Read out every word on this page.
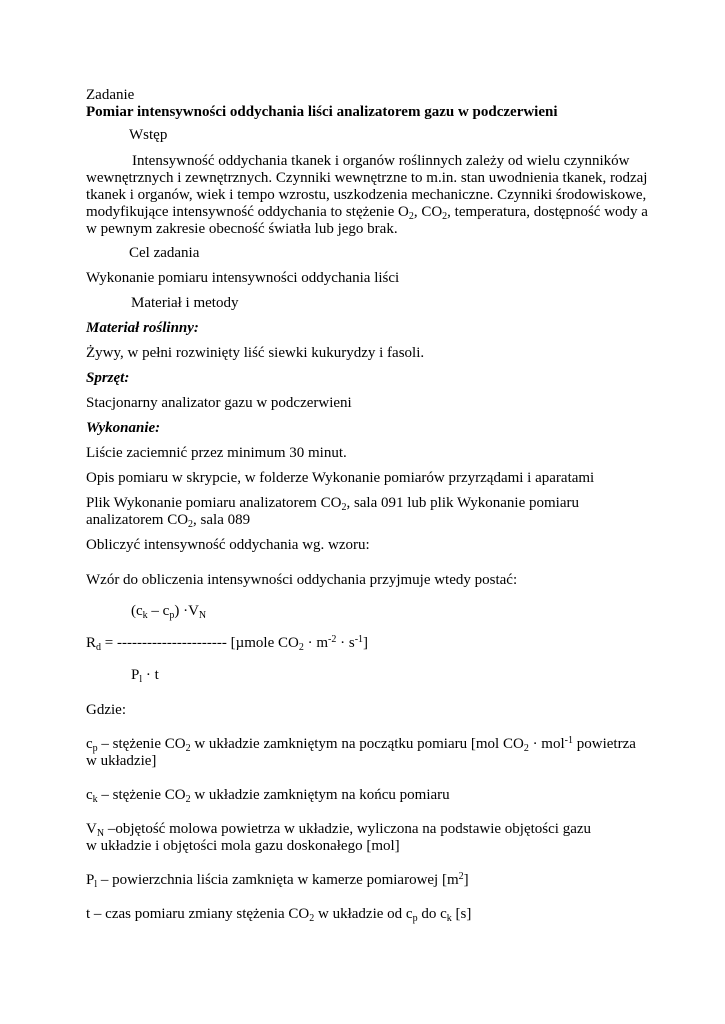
Zadanie

Pomiar intensywności oddychania liści analizatorem gazu w podczerwieni

Wstęp

Intensywność oddychania tkanek i organów roślinnych zależy od wielu czynników wewnętrznych i zewnętrznych. Czynniki wewnętrzne to m.in. stan uwodnienia tkanek, rodzaj tkanek i organów, wiek i tempo wzrostu, uszkodzenia mechaniczne. Czynniki środowiskowe, modyfikujące intensywność oddychania to stężenie $O_2$, $CO_2$, temperatura, dostępność wody a w pewnym zakresie obecność światła lub jego brak.

Cel zadania

Wykonanie pomiaru intensywności oddychania liści

Materiał i metody

Materiał roślinny:

Żywy, w pełni rozwinięty liść siewki kukurydzy i fasoli.

Sprzęt:

Stacjonarny analizator gazu w podczerwieni

Wykonanie:

Liście zaciemnić przez minimum 30 minut.

Opis pomiaru w skrypcie, w folderze Wykonanie pomiarów przyrządami i aparatami

Plik Wykonanie pomiaru analizatorem $CO_2$, sala 091 lub plik Wykonanie pomiaru analizatorem $CO_2$, sala 089

Obliczyć intensywność oddychania wg. wzoru:

Wzór do obliczenia intensywności oddychania przyjmuje wtedy postać:

$(c_k - c_p) \cdot V_N$

$R_d$ = ---------------------- [µmole $CO_2 \cdot m^{-2} \cdot s^{-1}$]

$P_l \cdot t$

Gdzie:

$c_p$ – stężenie $CO_2$ w układzie zamkniętym na początku pomiaru [mol $CO_2 \cdot mol^{-1}$ powietrza w układzie]

$c_k$ – stężenie $CO_2$ w układzie zamkniętym na końcu pomiaru

$V_N$ –objętość molowa powietrza w układzie, wyliczona na podstawie objętości gazu w układzie i objętości mola gazu doskonałego [mol]

$P_l$ – powierzchnia liścia zamknięta w kamerze pomiarowej $[m^2]$

t – czas pomiaru zmiany stężenia $CO_2$ w układzie od $c_p$ do $c_k$ [s]
